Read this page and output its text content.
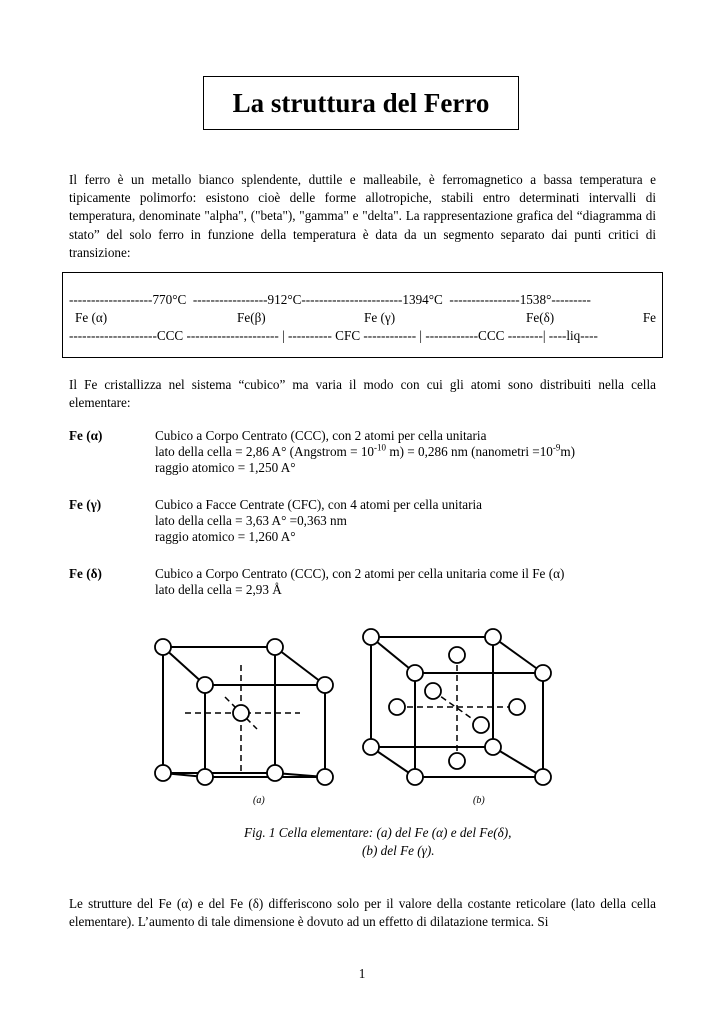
La struttura del Ferro
Il ferro è un metallo bianco splendente, duttile e malleabile, è ferromagnetico a bassa temperatura e tipicamente polimorfo: esistono cioè delle forme allotropiche, stabili entro determinati intervalli di temperatura, denominate "alpha", ("beta"), "gamma" e "delta". La rappresentazione grafica del “diagramma di stato” del solo ferro in funzione della temperatura è data da un segmento separato dai punti critici di transizione:
-------------------770°C  -----------------912°C-----------------------1394°C  ----------------1538°---------

Fe (α)

	Fe(β)

	Fe (γ)

	Fe(δ)

	Fe

--------------------CCC --------------------- | ---------- CFC ------------ | ------------CCC --------| ----liq----
Il Fe cristallizza nel sistema “cubico” ma varia il modo con cui gli atomi sono distribuiti nella cella elementare:
Fe (α)	Cubico a Corpo Centrato (CCC), con 2 atomi per cella unitaria
lato della cella = 2,86 A° (Angstrom = $10^{-10}$ m) = 0,286 nm (nanometri $=10^{-9}m$)
raggio atomico = 1,250 A°
Fe (γ)	Cubico a Facce Centrate (CFC), con 4 atomi per cella unitaria
lato della cella = 3,63 A° =0,363 nm
raggio atomico = 1,260 A°
Fe (δ)	Cubico a Corpo Centrato (CCC), con 2 atomi per cella unitaria come il Fe (α)
lato della cella = 2,93 Å
(a)	(b)
Fig. 1 Cella elementare: (a) del Fe (α) e del Fe(δ),
(b) del Fe (γ).
Le strutture del Fe (α) e del Fe (δ) differiscono solo per il valore della costante reticolare (lato della cella elementare). L’aumento di tale dimensione è dovuto ad un effetto di dilatazione termica. Si
1
